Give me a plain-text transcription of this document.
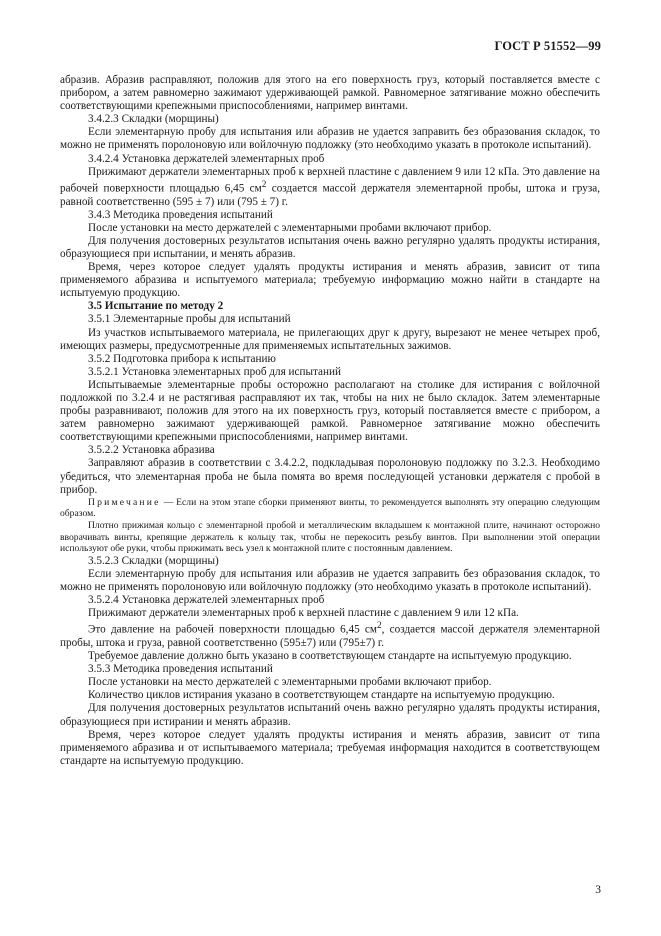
ГОСТ Р 51552—99

абразив. Абразив расправляют, положив для этого на его поверхность груз, который поставляется вместе с прибором, а затем равномерно зажимают удерживающей рамкой. Равномерное затягивание можно обеспечить соответствующими крепежными приспособлениями, например винтами.

3.4.2.3 Складки (морщины)

Если элементарную пробу для испытания или абразив не удается заправить без образования складок, то можно не применять поролоновую или войлочную подложку (это необходимо указать в протоколе испытаний).

3.4.2.4 Установка держателей элементарных проб

Прижимают держатели элементарных проб к верхней пластине с давлением 9 или 12 кПа. Это давление на рабочей поверхности площадью 6,45 $см^2$ создается массой держателя элементарной пробы, штока и груза, равной соответственно (595 ± 7) или (795 ± 7) г.

3.4.3 Методика проведения испытаний

После установки на место держателей с элементарными пробами включают прибор.

Для получения достоверных результатов испытания очень важно регулярно удалять продукты истирания, образующиеся при испытании, и менять абразив.

Время, через которое следует удалять продукты истирания и менять абразив, зависит от типа применяемого абразива и испытуемого материала; требуемую информацию можно найти в стандарте на испытуемую продукцию.

3.5 Испытание по методу 2

3.5.1 Элементарные пробы для испытаний

Из участков испытываемого материала, не прилегающих друг к другу, вырезают не менее четырех проб, имеющих размеры, предусмотренные для применяемых испытательных зажимов.

3.5.2 Подготовка прибора к испытанию

3.5.2.1 Установка элементарных проб для испытаний

Испытываемые элементарные пробы осторожно располагают на столике для истирания с войлочной подложкой по 3.2.4 и не растягивая расправляют их так, чтобы на них не было складок. Затем элементарные пробы разравнивают, положив для этого на их поверхность груз, который поставляется вместе с прибором, а затем равномерно зажимают удерживающей рамкой. Равномерное затягивание можно обеспечить соответствующими крепежными приспособлениями, например винтами.

3.5.2.2 Установка абразива

Заправляют абразив в соответствии с 3.4.2.2, подкладывая поролоновую подложку по 3.2.3. Необходимо убедиться, что элементарная проба не была помята во время последующей установки держателя с пробой в прибор.

Примечание — Если на этом этапе сборки применяют винты, то рекомендуется выполнять эту операцию следующим образом.

Плотно прижимая кольцо с элементарной пробой и металлическим вкладышем к монтажной плите, начинают осторожно вворачивать винты, крепящие держатель к кольцу так, чтобы не перекосить резьбу винтов. При выполнении этой операции используют обе руки, чтобы прижимать весь узел к монтажной плите с постоянным давлением.

3.5.2.3 Складки (морщины)

Если элементарную пробу для испытания или абразив не удается заправить без образования складок, то можно не применять поролоновую или войлочную подложку (это необходимо указать в протоколе испытаний).

3.5.2.4 Установка держателей элементарных проб

Прижимают держатели элементарных проб к верхней пластине с давлением 9 или 12 кПа.

Это давление на рабочей поверхности площадью 6,45 $см^2$, создается массой держателя элементарной пробы, штока и груза, равной соответственно (595±7) или (795±7) г.

Требуемое давление должно быть указано в соответствующем стандарте на испытуемую продукцию.

3.5.3 Методика проведения испытаний

После установки на место держателей с элементарными пробами включают прибор.

Количество циклов истирания указано в соответствующем стандарте на испытуемую продукцию.

Для получения достоверных результатов испытаний очень важно регулярно удалять продукты истирания, образующиеся при истирании и менять абразив.

Время, через которое следует удалять продукты истирания и менять абразив, зависит от типа применяемого абразива и от испытываемого материала; требуемая информация находится в соответствующем стандарте на испытуемую продукцию.

3
